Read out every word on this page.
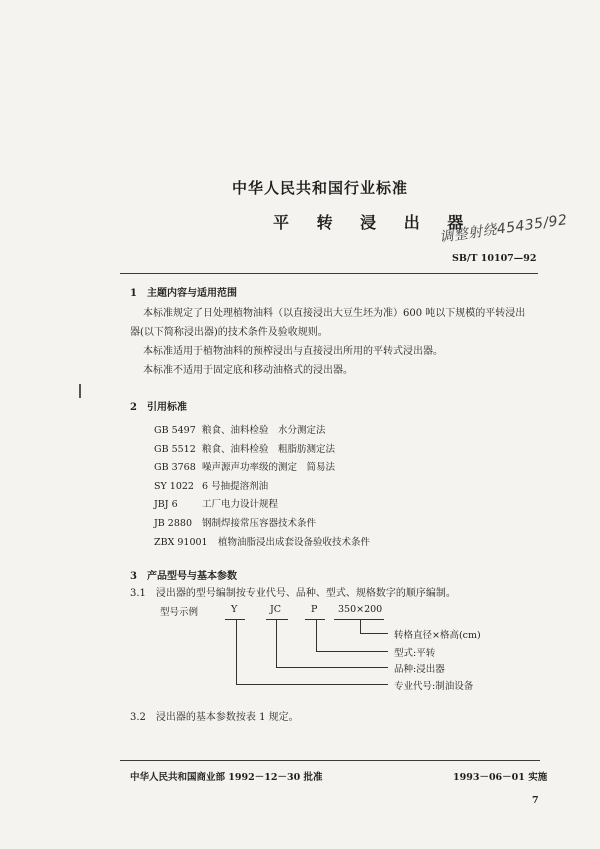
中华人民共和国行业标准
平 转 浸 出 器
调整射绕45435/92
SB/T 10107—92
1　主题内容与适用范围
本标准规定了日处理植物油料（以直接浸出大豆生坯为准）600 吨以下规模的平转浸出
器(以下简称浸出器)的技术条件及验收规则。
本标准适用于植物油料的预榨浸出与直接浸出所用的平转式浸出器。
本标准不适用于固定底和移动油格式的浸出器。
2　引用标准
GB 5497 粮食、油料检验　水分测定法
GB 5512 粮食、油料检验　粗脂肪测定法
GB 3768 噪声源声功率级的测定　简易法
SY 1022 6 号抽提溶剂油
JBJ 6	工厂电力设计规程
JB 2880 钢制焊接常压容器技术条件
ZBX 91001 植物油脂浸出成套设备验收技术条件
3　产品型号与基本参数
3.1　浸出器的型号编制按专业代号、品种、型式、规格数字的顺序编制。
型号示例	Y	JC	P 350×200
转格直径×格高(cm)
型式:平转
品种:浸出器
专业代号:制油设备
3.2　浸出器的基本参数按表 1 规定。
中华人民共和国商业部 1992－12－30 批准	1993－06－01 实施
7
